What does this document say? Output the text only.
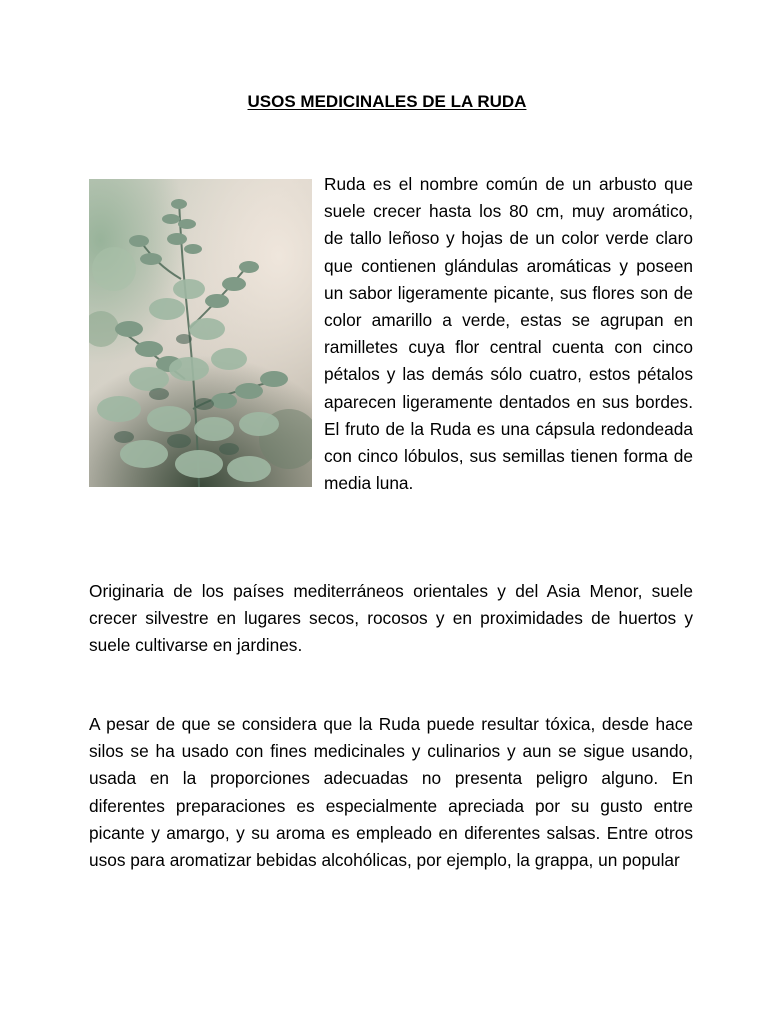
USOS MEDICINALES DE LA RUDA

Ruda es el nombre común de un arbusto que suele crecer hasta los 80 cm, muy aromático, de tallo leñoso y hojas de un color verde claro que contienen glándulas aromáticas y poseen un sabor ligeramente picante, sus flores son de color amarillo a verde, estas se agrupan en ramilletes cuya flor central cuenta con cinco pétalos y las demás sólo cuatro, estos pétalos aparecen ligeramente dentados en sus bordes. El fruto de la Ruda es una cápsula redondeada con cinco lóbulos, sus semillas tienen forma de media luna.

Originaria de los países mediterráneos orientales y del Asia Menor, suele crecer silvestre en lugares secos, rocosos y en proximidades de huertos y suele cultivarse en jardines.

A pesar de que se considera que la Ruda puede resultar tóxica, desde hace silos se ha usado con fines medicinales y culinarios y aun se sigue usando, usada en la proporciones adecuadas no presenta peligro alguno. En diferentes preparaciones es especialmente apreciada por su gusto entre picante y amargo, y su aroma es empleado en diferentes salsas. Entre otros usos para aromatizar bebidas alcohólicas, por ejemplo, la grappa, un popular
